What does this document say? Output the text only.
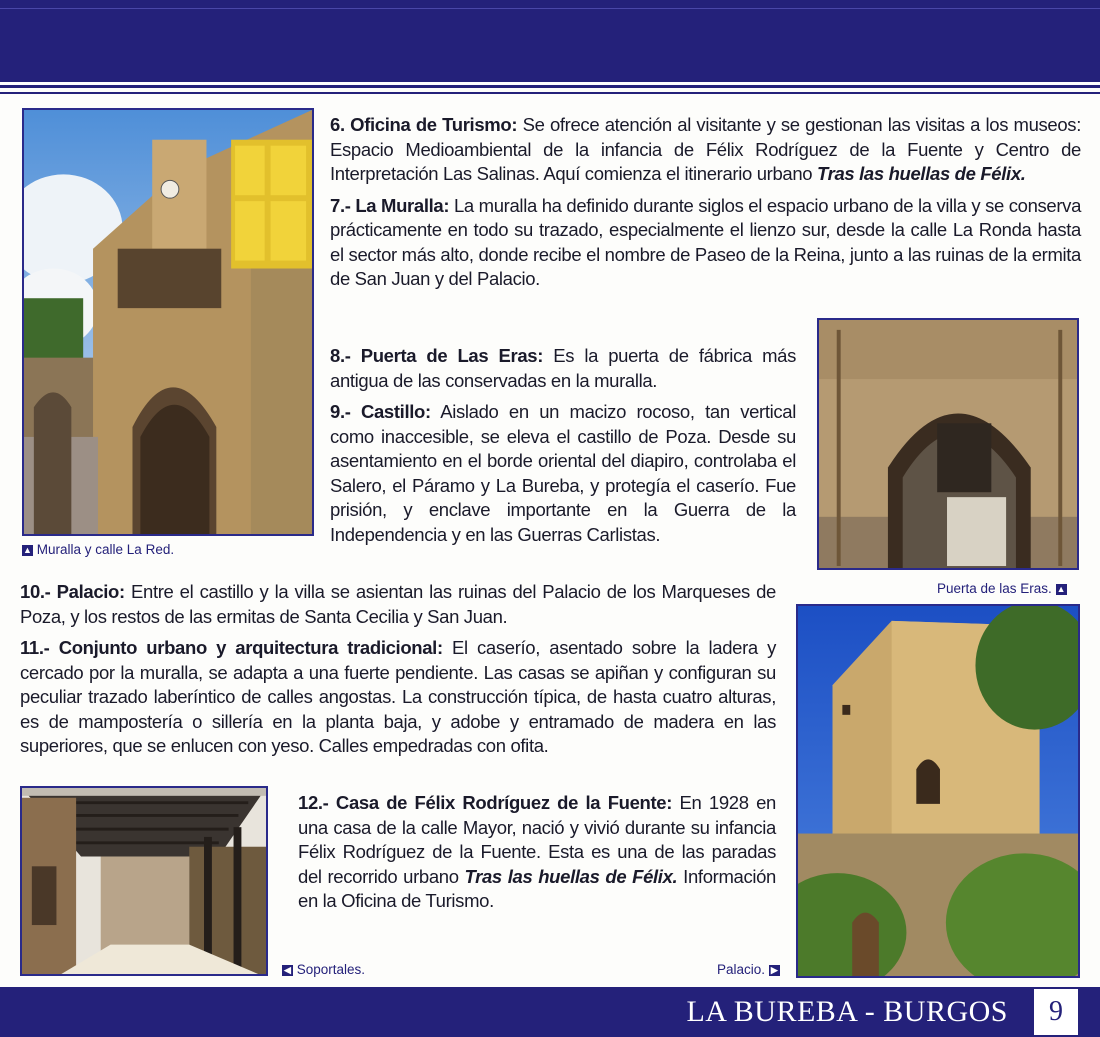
▲ Muralla y calle La Red.
6. Oficina de Turismo: Se ofrece atención al visitante y se gestionan las visitas a los museos: Espacio Medioambiental de la infancia de Félix Rodríguez de la Fuente y Centro de Interpretación Las Salinas. Aquí comienza el itinerario urbano Tras las huellas de Félix.
7.- La Muralla: La muralla ha definido durante siglos el espacio urbano de la villa y se conserva prácticamente en todo su trazado, especialmente el lienzo sur, desde la calle La Ronda hasta el sector más alto, donde recibe el nombre de Paseo de la Reina, junto a las ruinas de la ermita de San Juan y del Palacio.
Puerta de las Eras. ▲
8.- Puerta de Las Eras: Es la puerta de fábrica más antigua de las conservadas en la muralla.
9.- Castillo: Aislado en un macizo rocoso, tan vertical como inaccesible, se eleva el castillo de Poza. Desde su asentamiento en el borde oriental del diapiro, controlaba el Salero, el Páramo y La Bureba, y protegía el caserío. Fue prisión, y enclave importante en la Guerra de la Independencia y en las Guerras Carlistas.
10.- Palacio: Entre el castillo y la villa se asientan las ruinas del Palacio de los Marqueses de Poza, y los restos de las ermitas de Santa Cecilia y San Juan.
11.- Conjunto urbano y arquitectura tradicional: El caserío, asentado sobre la ladera y cercado por la muralla, se adapta a una fuerte pendiente. Las casas se apiñan y configuran su peculiar trazado laberíntico de calles angostas. La construcción típica, de hasta cuatro alturas, es de mampostería o sillería en la planta baja, y adobe y entramado de madera en las superiores, que se enlucen con yeso. Calles empedradas con ofita.
Palacio. ▶
◀ Soportales.
12.- Casa de Félix Rodríguez de la Fuente: En 1928 en una casa de la calle Mayor, nació y vivió durante su infancia Félix Rodríguez de la Fuente. Esta es una de las paradas del recorrido urbano Tras las huellas de Félix. Información en la Oficina de Turismo.
LA BUREBA - BURGOS	9
